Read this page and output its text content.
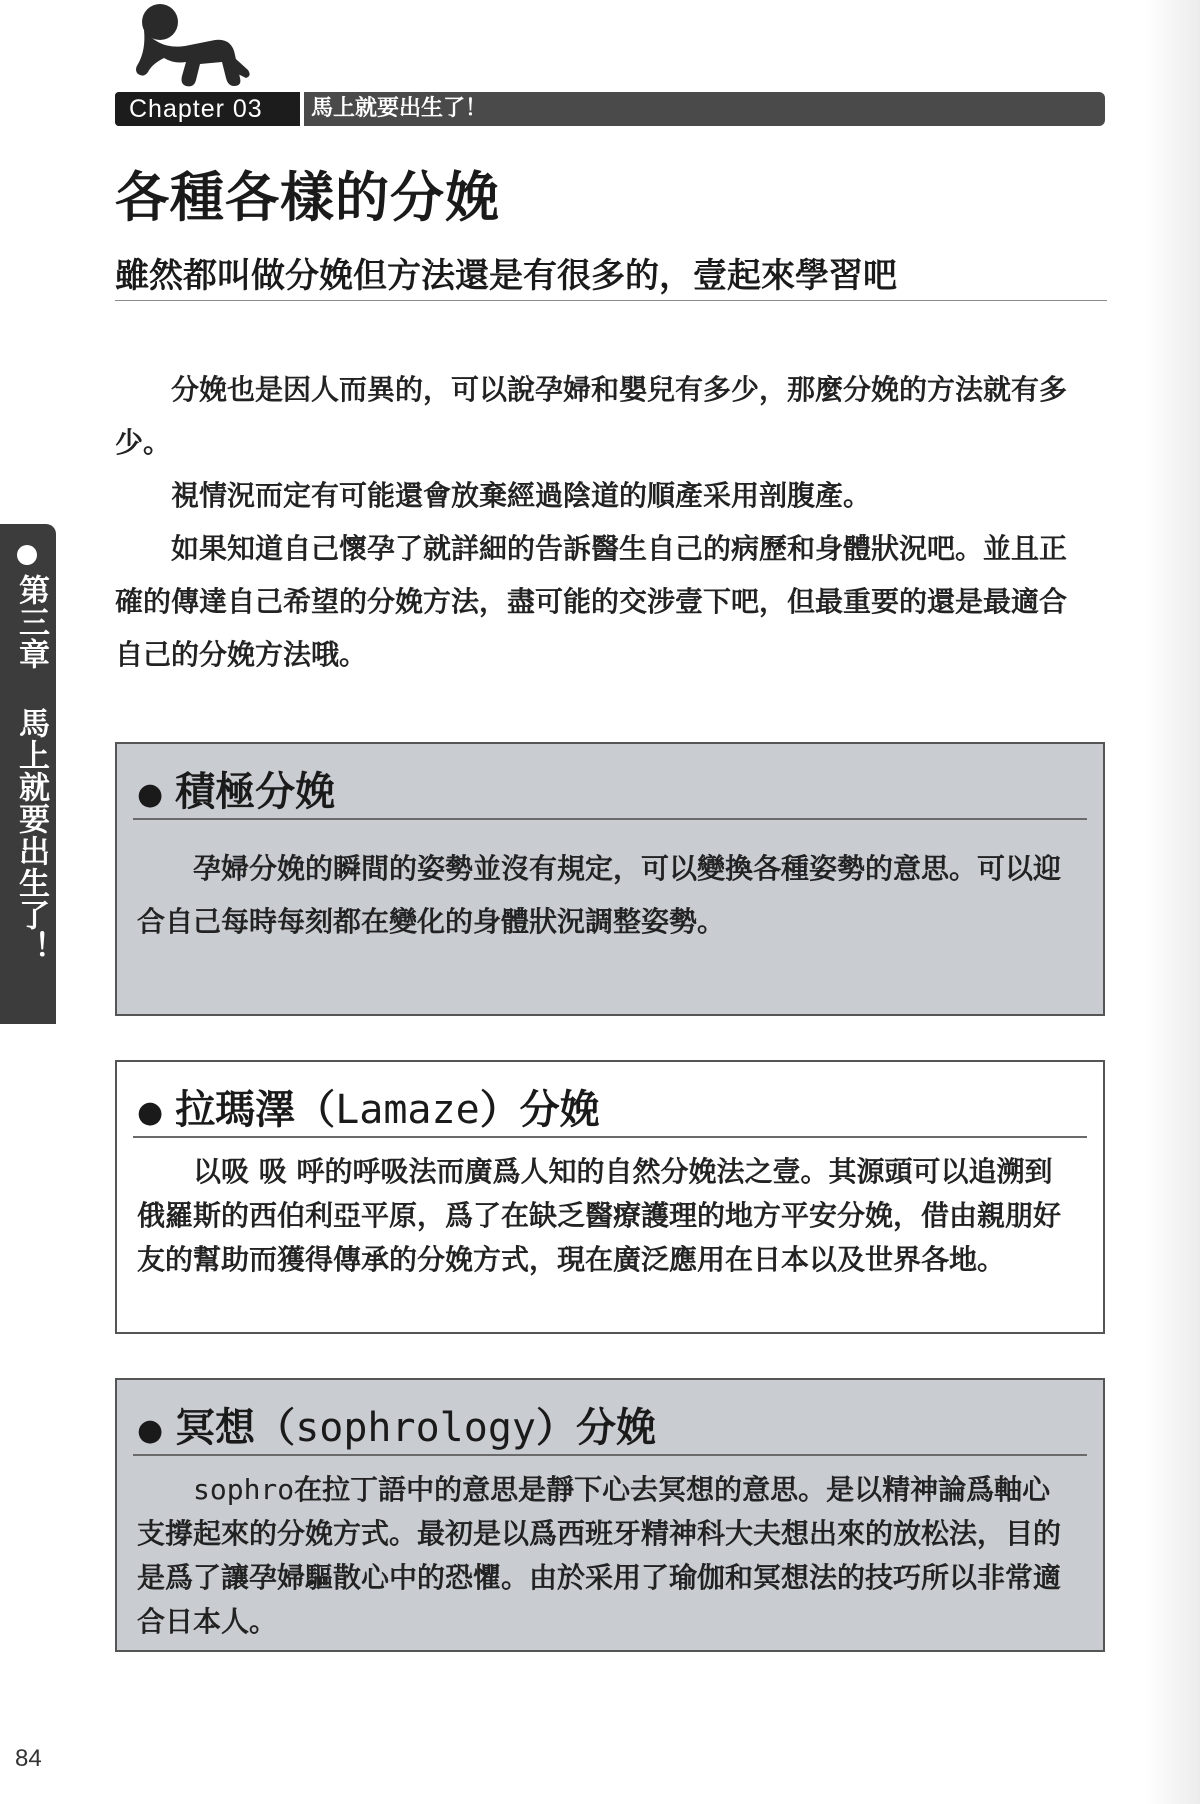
Chapter 03	馬上就要出生了！
各種各樣的分娩
雖然都叫做分娩但方法還是有很多的，壹起來學習吧

分娩也是因人而異的，可以說孕婦和嬰兒有多少，那麼分娩的方法就有多少。

視情況而定有可能還會放棄經過陰道的順產采用剖腹產。

如果知道自己懷孕了就詳細的告訴醫生自己的病歷和身體狀況吧。並且正確的傳達自己希望的分娩方法，盡可能的交涉壹下吧，但最重要的還是最適合自己的分娩方法哦。

第三章 馬上就要出生了！	● 積極分娩

孕婦分娩的瞬間的姿勢並沒有規定，可以變換各種姿勢的意思。可以迎合自己每時每刻都在變化的身體狀況調整姿勢。

● 拉瑪澤（Lamaze）分娩

以吸 吸 呼的呼吸法而廣爲人知的自然分娩法之壹。其源頭可以追溯到俄羅斯的西伯利亞平原，爲了在缺乏醫療護理的地方平安分娩，借由親朋好友的幫助而獲得傳承的分娩方式，現在廣泛應用在日本以及世界各地。

● 冥想（sophrology）分娩

sophro在拉丁語中的意思是靜下心去冥想的意思。是以精神論爲軸心支撐起來的分娩方式。最初是以爲西班牙精神科大夫想出來的放松法，目的是爲了讓孕婦驅散心中的恐懼。由於采用了瑜伽和冥想法的技巧所以非常適合日本人。

84
